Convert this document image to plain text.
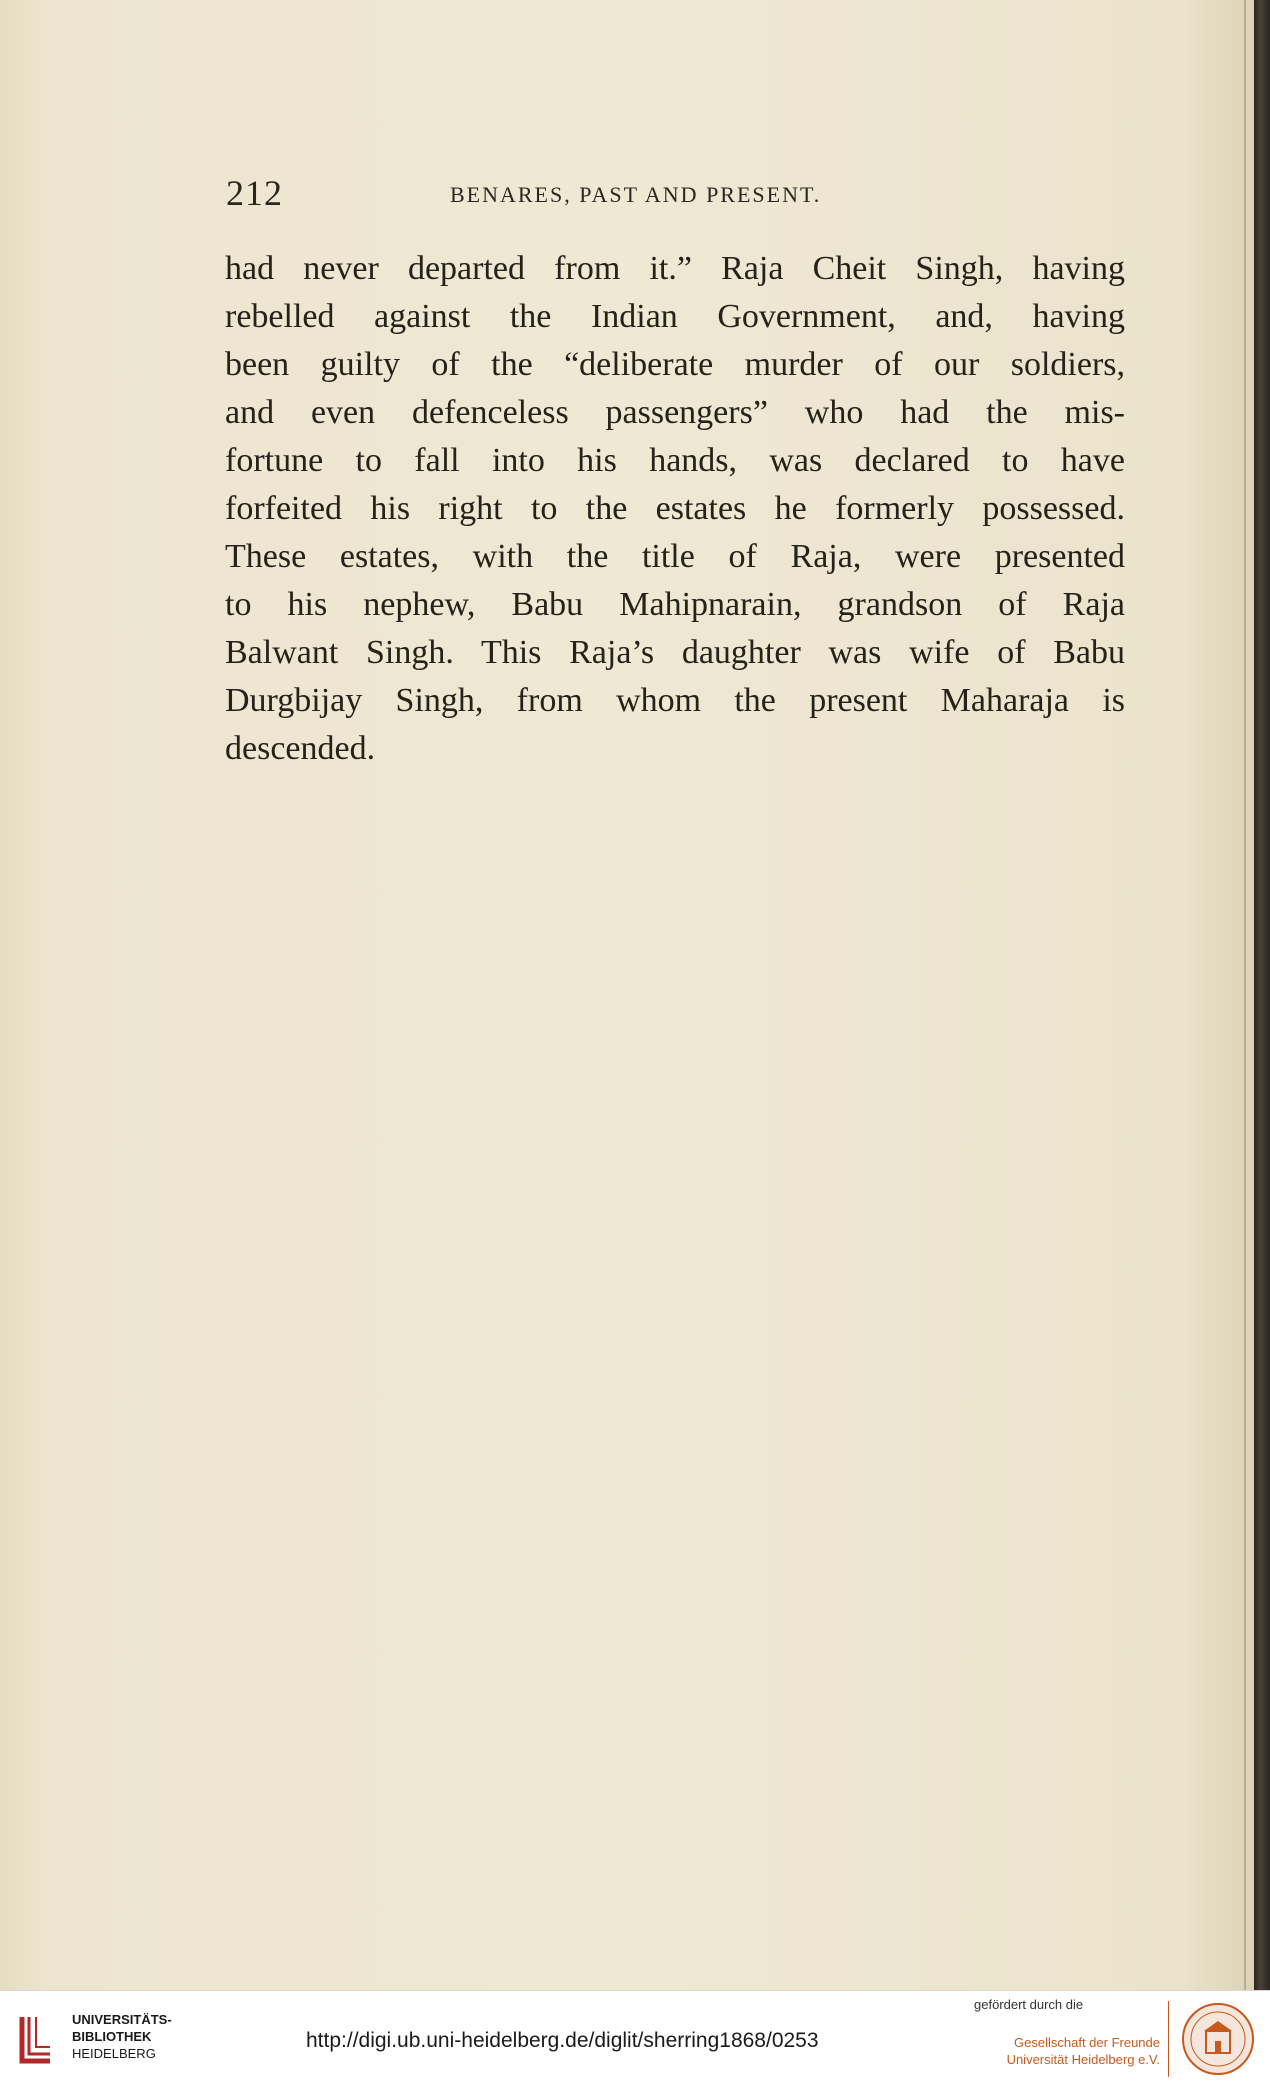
212	BENARES, PAST AND PRESENT.
had never departed from it.” Raja Cheit Singh, having
rebelled against the Indian Government, and, having
been guilty of the “deliberate murder of our soldiers,
and even defenceless passengers” who had the mis-
fortune to fall into his hands, was declared to have
forfeited his right to the estates he formerly possessed.
These estates, with the title of Raja, were presented
to his nephew, Babu Mahipnarain, grandson of Raja
Balwant Singh. This Raja’s daughter was wife of Babu
Durgbijay Singh, from whom the present Maharaja is
descended.
UNIVERSITÄTS-
BIBLIOTHEK
HEIDELBERG
http://digi.ub.uni-heidelberg.de/diglit/sherring1868/0253
gefördert durch die
Gesellschaft der Freunde
Universität Heidelberg e.V.
